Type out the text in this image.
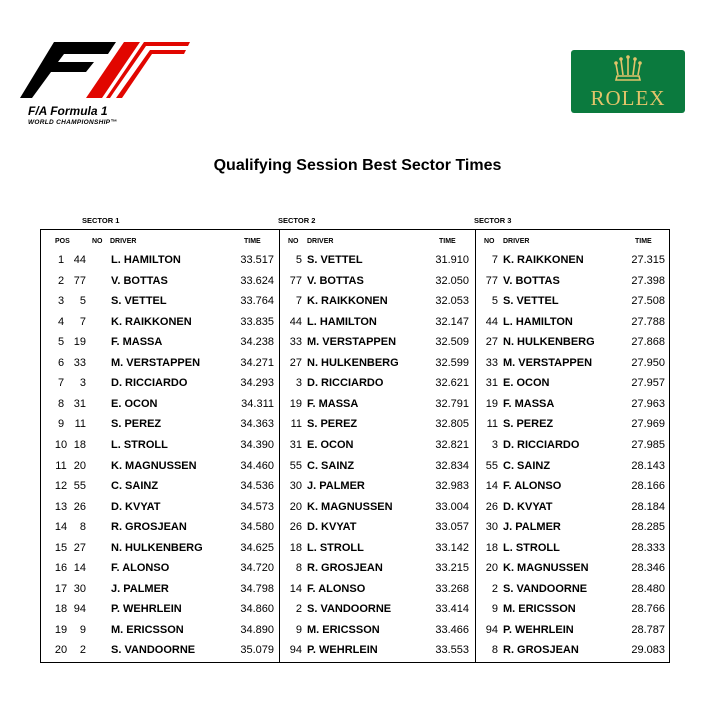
F/A Formula 1
WORLD CHAMPIONSHIP™
ROLEX
Qualifying Session Best Sector Times
SECTOR 1	SECTOR 2	SECTOR 3
POS	NO DRIVER	TIME	NO DRIVER	TIME	NO DRIVER	TIME
1 44 L. HAMILTON	33.517	5 S. VETTEL	31.910	7 K. RAIKKONEN	27.315
2 77 V. BOTTAS	33.624	77 V. BOTTAS	32.050	77 V. BOTTAS	27.398
3	5 S. VETTEL	33.764	7 K. RAIKKONEN	32.053	5 S. VETTEL	27.508
4	7 K. RAIKKONEN	33.835	44 L. HAMILTON	32.147	44 L. HAMILTON	27.788
5 19 F. MASSA	34.238	33 M. VERSTAPPEN	32.509	27 N. HULKENBERG	27.868
6 33 M. VERSTAPPEN	34.271	27 N. HULKENBERG	32.599	33 M. VERSTAPPEN	27.950
7	3 D. RICCIARDO	34.293	3 D. RICCIARDO	32.621	31 E. OCON	27.957
8 31 E. OCON	34.311	19 F. MASSA	32.791	19 F. MASSA	27.963
9 11 S. PEREZ	34.363	11 S. PEREZ	32.805	11 S. PEREZ	27.969
10 18 L. STROLL	34.390	31 E. OCON	32.821	3 D. RICCIARDO	27.985
11 20 K. MAGNUSSEN	34.460	55 C. SAINZ	32.834	55 C. SAINZ	28.143
12 55 C. SAINZ	34.536	30 J. PALMER	32.983	14 F. ALONSO	28.166
13 26 D. KVYAT	34.573	20 K. MAGNUSSEN	33.004	26 D. KVYAT	28.184
14	8 R. GROSJEAN	34.580	26 D. KVYAT	33.057	30 J. PALMER	28.285
15 27 N. HULKENBERG	34.625	18 L. STROLL	33.142	18 L. STROLL	28.333
16 14 F. ALONSO	34.720	8 R. GROSJEAN	33.215	20 K. MAGNUSSEN	28.346
17 30 J. PALMER	34.798	14 F. ALONSO	33.268	2 S. VANDOORNE	28.480
18 94 P. WEHRLEIN	34.860	2 S. VANDOORNE	33.414	9 M. ERICSSON	28.766
19	9 M. ERICSSON	34.890	9 M. ERICSSON	33.466	94 P. WEHRLEIN	28.787
20	2 S. VANDOORNE	35.079	94 P. WEHRLEIN	33.553	8 R. GROSJEAN	29.083
